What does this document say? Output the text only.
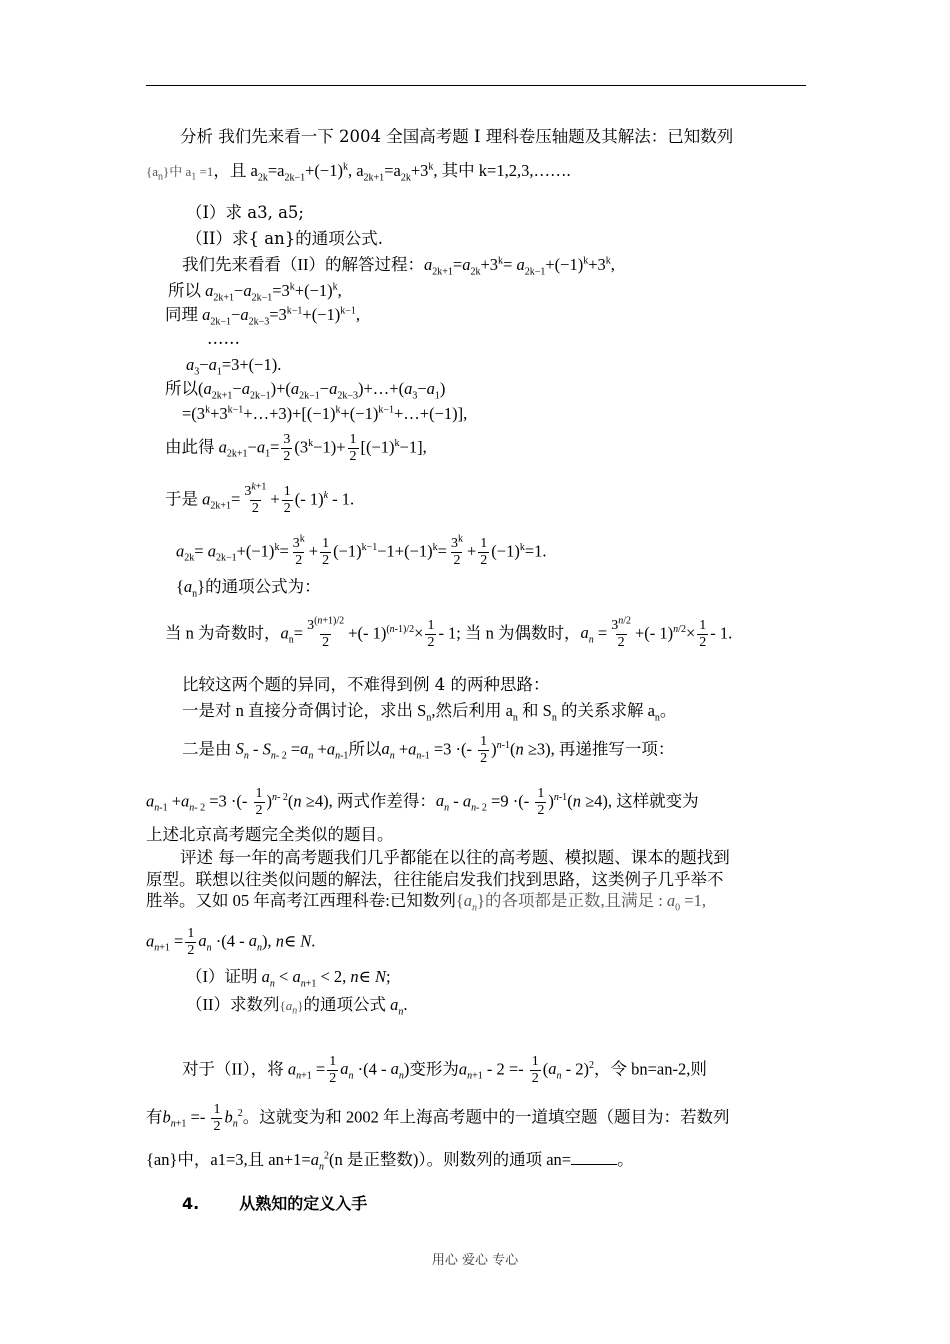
分析 我们先来看一下 2004 全国高考题 I 理科卷压轴题及其解法：已知数列
$\{a_n\}$中 $a_1 =1$，且 $a_{2k}=a_{2k-1}+(-1)^k$, $a_{2k+1}=a_{2k}+3^k$, 其中 k=1,2,3,…….
（I）求 a3, a5;
（II）求{ an}的通项公式.
我们先来看看（II）的解答过程：$a_{2k+1}=a_{2k}+3^k= a_{2k-1}+(-1)^k+3^k$,
所以 $a_{2k+1}-a_{2k-1}=3^k+(-1)^k$,
同理 $a_{2k-1}-a_{2k-3}=3^{k-1}+(-1)^{k-1}$,
……
$a_3-a_1=3+(-1)$.
所以$(a_{2k+1}-a_{2k-1})+(a_{2k-1}-a_{2k-3})+\dots+(a_3-a_1)$
$=(3^k+3^{k-1}+\dots+3)+[(-1)^k+(-1)^{k-1}+\dots+(-1)]$,
由此得 $a_{2k+1}-a_1= \frac{3}{2} (3^k-1)+ \frac{1}{2} [(-1)^k-1]$,
于是 $a_{2k+1}= \frac{3^{k+1}}{2} + \frac{1}{2}$ (- 1)$^k$ - 1.
$a_{2k}= a_{2k-1}+(-1)^k= \frac{3^k}{2} + \frac{1}{2} (-1)^{k-1}-1+(-1)^k= \frac{3^k}{2} + \frac{1}{2} (-1)^k=1$.
$\{a_n\}$的通项公式为：
当 n 为奇数时，$a_n= \frac{3^{(n+1)/2}}{2}$ +(- $1)^{(n-1)/2}\times \frac{1}{2} - 1$; 当 n 为偶数时，$a_n = \frac{3^{n/2}}{2}$ +(- $1)^{n/2}\times \frac{1}{2} - 1$.
比较这两个题的异同，不难得到例 4 的两种思路：
一是对 n 直接分奇偶讨论，求出 $S_n$,然后利用 $a_n$ 和 $S_n$ 的关系求解 $a_n$。
二是由 $S_n - S_{n- 2} =a_n +a_{n-1}$所以$a_n +a_{n-1} =3$ ·(- $\frac{1}{2} )^{n-1}(n \ge 3)$, 再递推写一项：
$a_{n-1} +a_{n- 2} =3$ ·(- $\frac{1}{2} )^{n- 2}(n \ge 4)$, 两式作差得：$a_n - a_{n- 2} =9$ ·(- $\frac{1}{2} )^{n-1}(n \ge 4)$, 这样就变为
上述北京高考题完全类似的题目。
评述 每一年的高考题我们几乎都能在以往的高考题、模拟题、课本的题找到
原型。联想以往类似问题的解法，往往能启发我们找到思路，这类例子几乎举不
胜举。又如 05 年高考江西理科卷:已知数列$\{a_n\}$的各项都是正数,且满足 : $a_0 =1$,
$a_{n+1} = \frac{1}{2} a_n \cdot(4 - a_n)$, n∈ N.
（I）证明 $a_n < a_{n+1} < 2$, n∈ N;
（II）求数列$\{a_n\}$的通项公式 $a_n$.
对于（II），将 $a_{n+1} = \frac{1}{2} a_n \cdot(4 - a_n)$变形为$a_{n+1} - 2 =- \frac{1}{2} (a_n - 2)^2$，令 bn=an-2,则
有$b_{n+1} =- \frac{1}{2} b_n^2$。这就变为和 2002 年上海高考题中的一道填空题（题目为：若数列
{an}中，a1=3,且 $an+1=a_n^2(n$ 是正整数)）。则数列的通项 an=	。
4.	从熟知的定义入手
用心 爱心 专心
